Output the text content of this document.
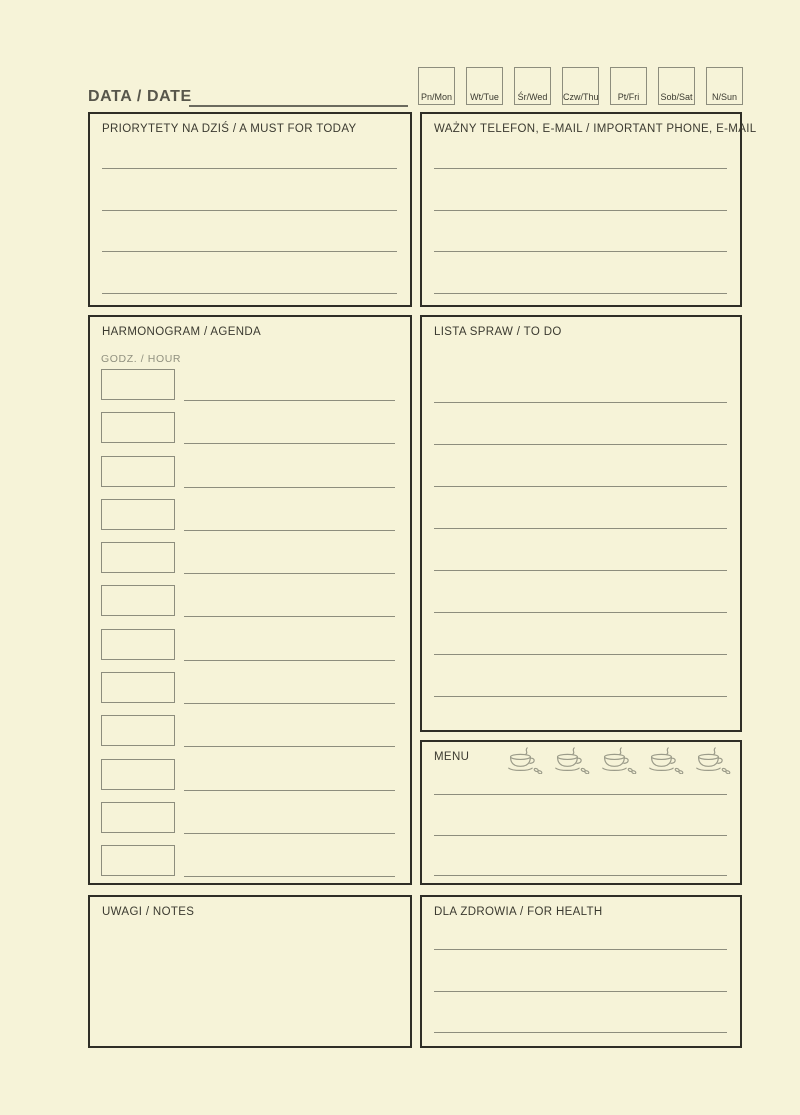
DATA / DATE	Pn/Mon	Wt/Tue	Śr/Wed Czw/Thu	Pt/Fri	Sob/Sat	N/Sun
PRIORYTETY NA DZIŚ / A MUST FOR TODAY	WAŻNY TELEFON, E-MAIL / IMPORTANT PHONE, E-MAIL
HARMONOGRAM / AGENDA
GODZ. / HOUR
LISTA SPRAW / TO DO
MENU
UWAGI / NOTES	DLA ZDROWIA / FOR HEALTH
